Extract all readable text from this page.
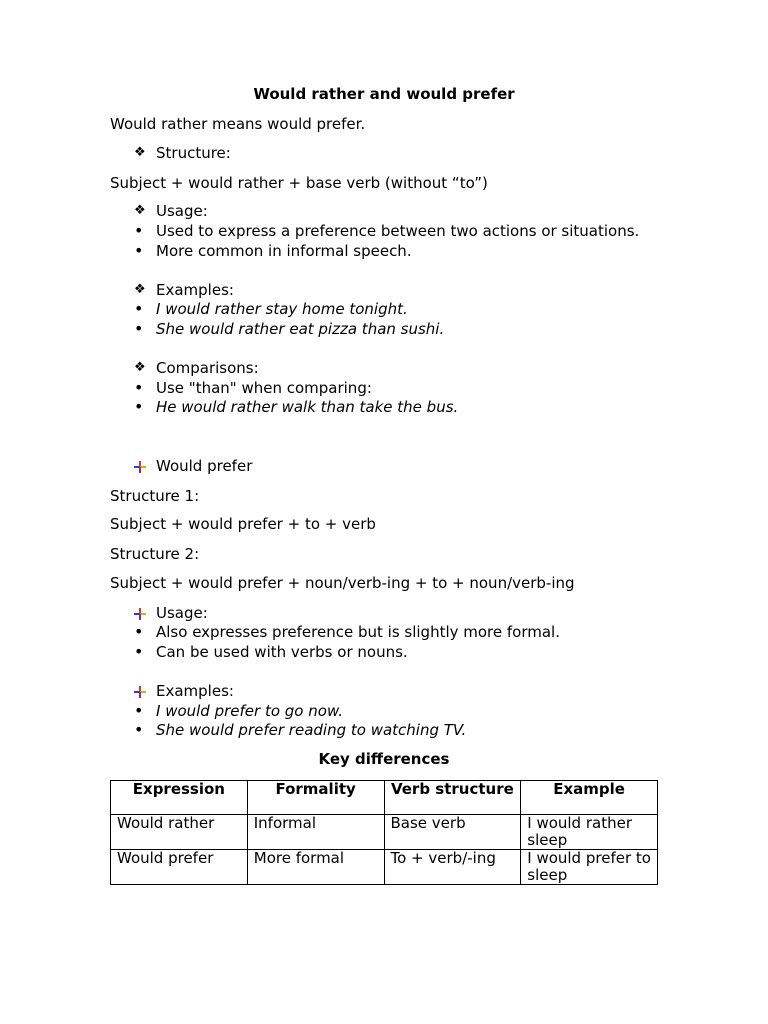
Would rather and would prefer
Would rather means would prefer.
❖ Structure:
Subject + would rather + base verb (without “to”)
❖ Usage:
• Used to express a preference between two actions or situations.
• More common in informal speech.
❖ Examples:
• I would rather stay home tonight.
• She would rather eat pizza than sushi.
❖ Comparisons:
• Use "than" when comparing:
• He would rather walk than take the bus.
Would prefer
Structure 1:
Subject + would prefer + to + verb
Structure 2:
Subject + would prefer + noun/verb-ing + to + noun/verb-ing
Usage:
• Also expresses preference but is slightly more formal.
• Can be used with verbs or nouns.
Examples:
• I would prefer to go now.
• She would prefer reading to watching TV.
Key differences
Expression	Formality	Verb structure	Example
Would rather	Informal	Base verb	I would rather sleep
Would prefer	More formal	To + verb/-ing	I would prefer to sleep
